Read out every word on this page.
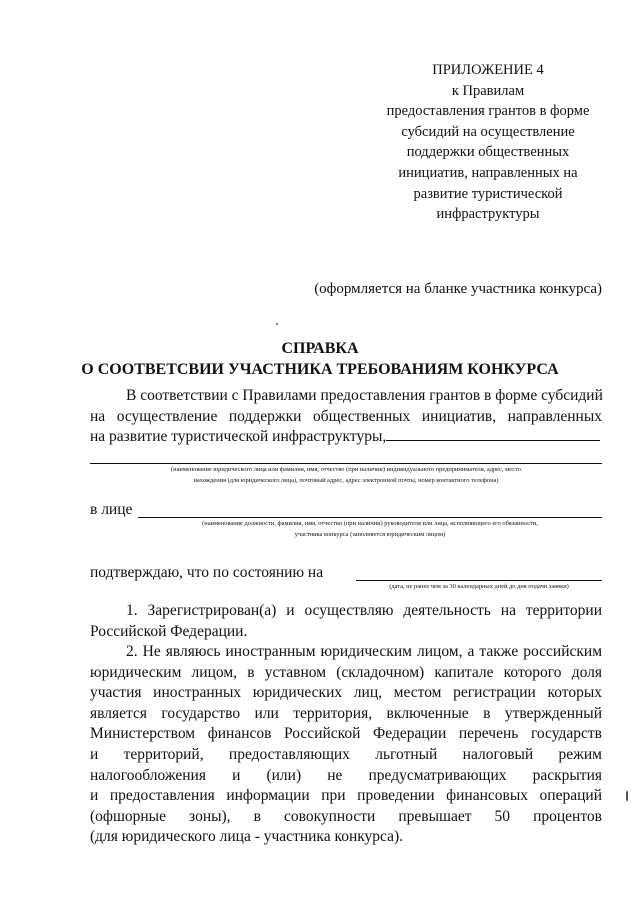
ПРИЛОЖЕНИЕ 4
к Правилам
предоставления грантов в форме
субсидий на осуществление
поддержки общественных
инициатив, направленных на
развитие туристической
инфраструктуры
(оформляется на бланке участника конкурса)
СПРАВКА
О СООТВЕТСВИИ УЧАСТНИКА ТРЕБОВАНИЯМ КОНКУРСА
В соответствии с Правилами предоставления грантов в форме субсидий
на осуществление поддержки общественных инициатив, направленных
на развитие туристической инфраструктуры,
(наименование юридического лица или фамилия, имя, отчество (при наличии) индивидуального предпринимателя, адрес, место
нахождения (для юридического лица), почтовый адрес, адрес электронной почты, номер контактного телефона)
в лице
(наименование должности, фамилия, имя, отчество (при наличии) руководителя или лица, исполняющего его обязанности,
участника конкурса (заполняется юридическим лицом)
подтверждаю, что по состоянию на
(дата, не ранее чем за 30 календарных дней до дня подачи заявки)
1. Зарегистрирован(а) и осуществляю деятельность на территории
Российской Федерации.
2. Не являюсь иностранным юридическим лицом, а также российским
юридическим лицом, в уставном (складочном) капитале которого доля
участия иностранных юридических лиц, местом регистрации которых
является государство или территория, включенные в утвержденный
Министерством финансов Российской Федерации перечень государств
и территорий, предоставляющих льготный налоговый режим
налогообложения и (или) не предусматривающих раскрытия
и предоставления информации при проведении финансовых операций
(офшорные зоны), в совокупности превышает 50 процентов
(для юридического лица - участника конкурса).
